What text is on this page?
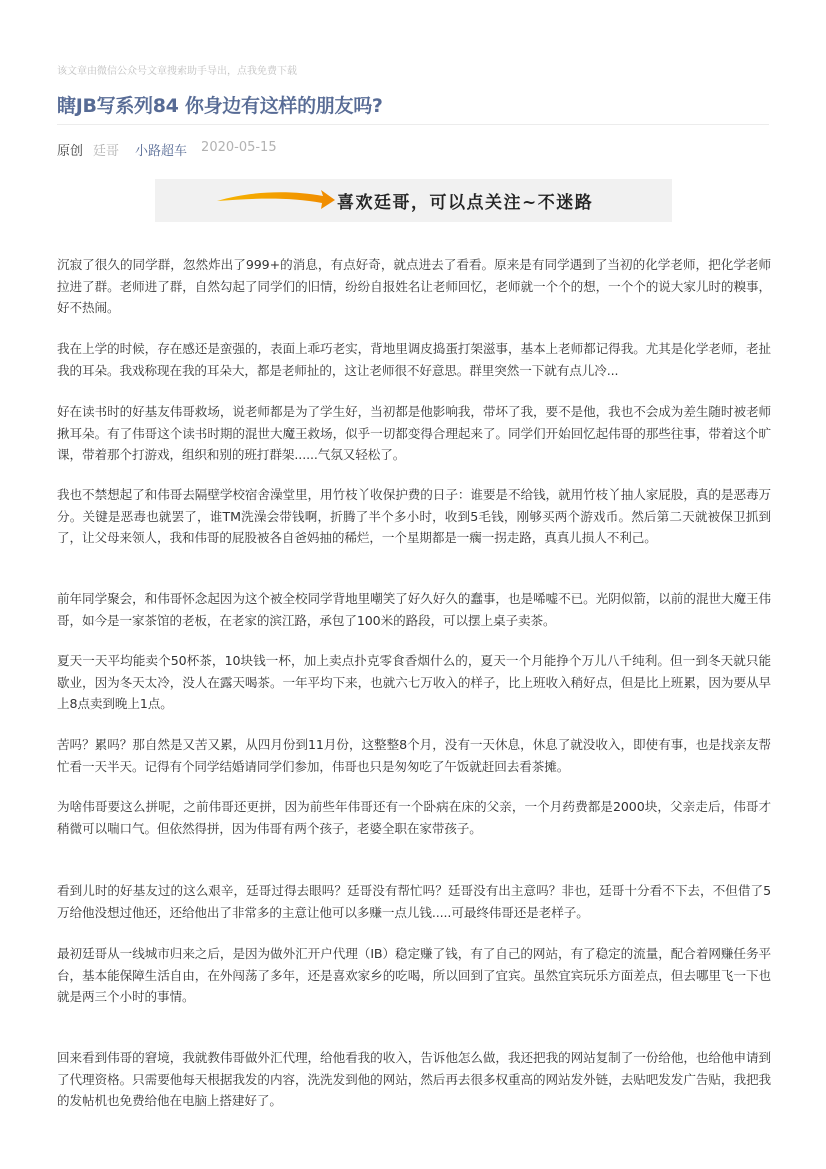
该文章由微信公众号文章搜索助手导出，点我免费下载
瞎JB写系列84 你身边有这样的朋友吗?
原创 廷哥 小路超车 2020-05-15
喜欢廷哥，可以点关注~不迷路

沉寂了很久的同学群，忽然炸出了999+的消息，有点好奇，就点进去了看看。原来是有同学遇到了当初的化学老师，把化学老师拉进了群。老师进了群，自然勾起了同学们的旧情，纷纷自报姓名让老师回忆，老师就一个个的想，一个个的说大家儿时的糗事，好不热闹。

我在上学的时候，存在感还是蛮强的，表面上乖巧老实，背地里调皮捣蛋打架滋事，基本上老师都记得我。尤其是化学老师，老扯我的耳朵。我戏称现在我的耳朵大，都是老师扯的，这让老师很不好意思。群里突然一下就有点儿冷...

好在读书时的好基友伟哥救场，说老师都是为了学生好，当初都是他影响我，带坏了我，要不是他，我也不会成为差生随时被老师揪耳朵。有了伟哥这个读书时期的混世大魔王救场，似乎一切都变得合理起来了。同学们开始回忆起伟哥的那些往事，带着这个旷课，带着那个打游戏，组织和别的班打群架......气氛又轻松了。

我也不禁想起了和伟哥去隔壁学校宿舍澡堂里，用竹枝丫收保护费的日子：谁要是不给钱，就用竹枝丫抽人家屁股，真的是恶毒万分。关键是恶毒也就罢了，谁TM洗澡会带钱啊，折腾了半个多小时，收到5毛钱，刚够买两个游戏币。然后第二天就被保卫抓到了，让父母来领人，我和伟哥的屁股被各自爸妈抽的稀烂，一个星期都是一瘸一拐走路，真真儿损人不利己。

前年同学聚会，和伟哥怀念起因为这个被全校同学背地里嘲笑了好久好久的蠢事，也是唏嘘不已。光阴似箭，以前的混世大魔王伟哥，如今是一家茶馆的老板，在老家的滨江路，承包了100米的路段，可以摆上桌子卖茶。

夏天一天平均能卖个50杯茶，10块钱一杯，加上卖点扑克零食香烟什么的，夏天一个月能挣个万儿八千纯利。但一到冬天就只能歇业，因为冬天太冷，没人在露天喝茶。一年平均下来，也就六七万收入的样子，比上班收入稍好点，但是比上班累，因为要从早上8点卖到晚上1点。

苦吗？累吗？那自然是又苦又累，从四月份到11月份，这整整8个月，没有一天休息，休息了就没收入，即使有事，也是找亲友帮忙看一天半天。记得有个同学结婚请同学们参加，伟哥也只是匆匆吃了午饭就赶回去看茶摊。

为啥伟哥要这么拼呢，之前伟哥还更拼，因为前些年伟哥还有一个卧病在床的父亲，一个月药费都是2000块，父亲走后，伟哥才稍微可以喘口气。但依然得拼，因为伟哥有两个孩子，老婆全职在家带孩子。

看到儿时的好基友过的这么艰辛，廷哥过得去眼吗？廷哥没有帮忙吗？廷哥没有出主意吗？非也，廷哥十分看不下去，不但借了5万给他没想过他还，还给他出了非常多的主意让他可以多赚一点儿钱.....可最终伟哥还是老样子。

最初廷哥从一线城市归来之后，是因为做外汇开户代理（IB）稳定赚了钱，有了自己的网站，有了稳定的流量，配合着网赚任务平台，基本能保障生活自由，在外闯荡了多年，还是喜欢家乡的吃喝，所以回到了宜宾。虽然宜宾玩乐方面差点，但去哪里飞一下也就是两三个小时的事情。

回来看到伟哥的窘境，我就教伟哥做外汇代理，给他看我的收入，告诉他怎么做，我还把我的网站复制了一份给他，也给他申请到了代理资格。只需要他每天根据我发的内容，洗洗发到他的网站，然后再去很多权重高的网站发外链，去贴吧发发广告贴，我把我的发帖机也免费给他在电脑上搭建好了。
